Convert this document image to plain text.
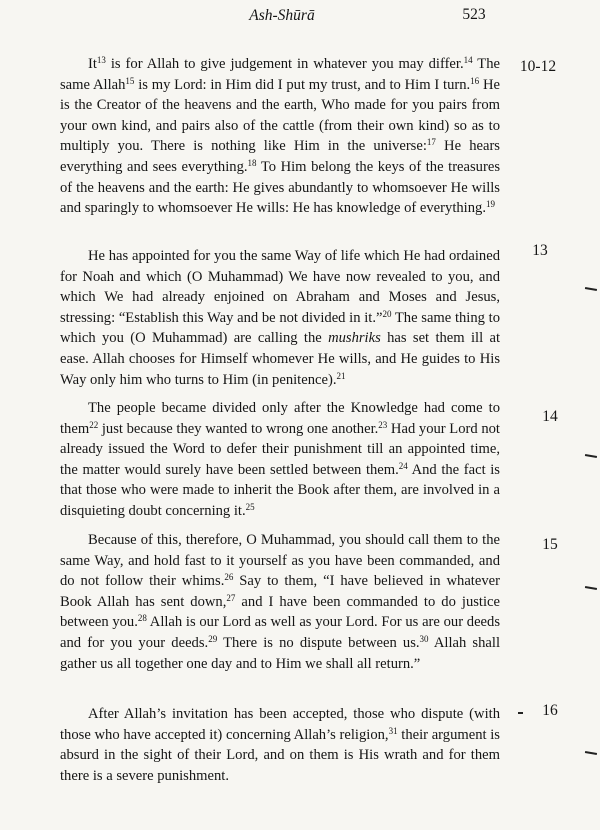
Ash-Shūrā	523

It$^{13}$ is for Allah to give judgement in whatever you may differ.$^{14}$ The same Allah$^{15}$ is my Lord: in Him did I put my trust, and to Him I turn.$^{16}$ He is the Creator of the heavens and the earth, Who made for you pairs from your own kind, and pairs also of the cattle (from their own kind) so as to multiply you. There is nothing like Him in the universe:$^{17}$ He hears everything and sees everything.$^{18}$ To Him belong the keys of the treasures of the heavens and the earth: He gives abundantly to whomsoever He wills and sparingly to whomsoever He wills: He has knowledge of everything.$^{19}$

10-12

He has appointed for you the same Way of life which He had ordained for Noah and which (O Muhammad) We have now revealed to you, and which We had already enjoined on Abraham and Moses and Jesus, stressing: “Establish this Way and be not divided in it.”$^{20}$ The same thing to which you (O Muhammad) are calling the mushriks has set them ill at ease. Allah chooses for Himself whomever He wills, and He guides to His Way only him who turns to Him (in penitence).$^{21}$

13

The people became divided only after the Knowledge had come to them$^{22}$ just because they wanted to wrong one another.$^{23}$ Had your Lord not already issued the Word to defer their punishment till an appointed time, the matter would surely have been settled between them.$^{24}$ And the fact is that those who were made to inherit the Book after them, are involved in a disquieting doubt concerning it.$^{25}$

14

Because of this, therefore, O Muhammad, you should call them to the same Way, and hold fast to it yourself as you have been commanded, and do not follow their whims.$^{26}$ Say to them, “I have believed in whatever Book Allah has sent down,$^{27}$ and I have been commanded to do justice between you.$^{28}$ Allah is our Lord as well as your Lord. For us are our deeds and for you your deeds.$^{29}$ There is no dispute between us.$^{30}$ Allah shall gather us all together one day and to Him we shall all return.”

15

After Allah’s invitation has been accepted, those who dispute (with those who have accepted it) concerning Allah’s religion,$^{31}$ their argument is absurd in the sight of their Lord, and on them is His wrath and for them there is a severe punishment.

16
